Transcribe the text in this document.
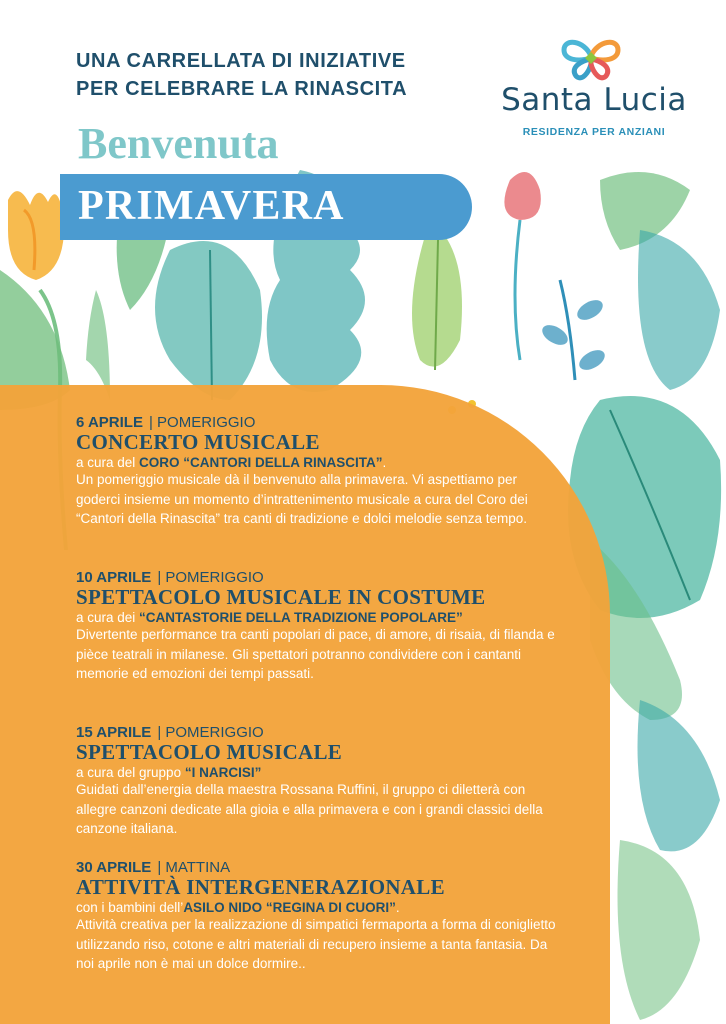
UNA CARRELLATA DI INIZIATIVE

PER CELEBRARE LA RINASCITA	Santa Lucia
RESIDENZA PER ANZIANI

Benvenuta

PRIMAVERA
6 APRILE | POMERIGGIO
CONCERTO MUSICALE
a cura del CORO “CANTORI DELLA RINASCITA”.
Un pomeriggio musicale dà il benvenuto alla primavera. Vi aspettiamo per goderci insieme un momento d’intrattenimento musicale a cura del Coro dei “Cantori della Rinascita” tra canti di tradizione e dolci melodie senza tempo.
10 APRILE | POMERIGGIO
SPETTACOLO MUSICALE IN COSTUME
a cura dei “CANTASTORIE DELLA TRADIZIONE POPOLARE”
Divertente performance tra canti popolari di pace, di amore, di risaia, di filanda e pièce teatrali in milanese. Gli spettatori potranno condividere con i cantanti memorie ed emozioni dei tempi passati.
15 APRILE | POMERIGGIO
SPETTACOLO MUSICALE
a cura del gruppo “I NARCISI”
Guidati dall’energia della maestra Rossana Ruffini, il gruppo ci diletterà con allegre canzoni dedicate alla gioia e alla primavera e con i grandi classici della canzone italiana.
30 APRILE | MATTINA
ATTIVITÀ INTERGENERAZIONALE
con i bambini dell’ASILO NIDO “REGINA DI CUORI”.
Attività creativa per la realizzazione di simpatici fermaporta a forma di coniglietto utilizzando riso, cotone e altri materiali di recupero insieme a tanta fantasia. Da noi aprile non è mai un dolce dormire..
